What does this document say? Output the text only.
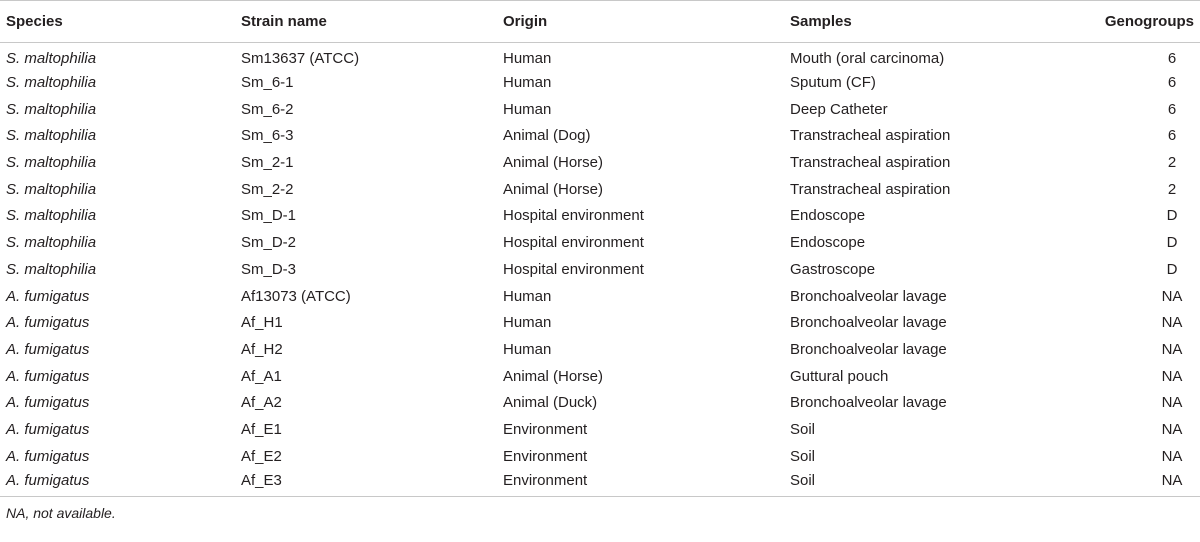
Species	Strain name	Origin	Samples	Genogroups
S. maltophilia	Sm13637 (ATCC)	Human	Mouth (oral carcinoma)	6
S. maltophilia	Sm_6-1	Human	Sputum (CF)	6
S. maltophilia	Sm_6-2	Human	Deep Catheter	6
S. maltophilia	Sm_6-3	Animal (Dog)	Transtracheal aspiration	6
S. maltophilia	Sm_2-1	Animal (Horse)	Transtracheal aspiration	2
S. maltophilia	Sm_2-2	Animal (Horse)	Transtracheal aspiration	2
S. maltophilia	Sm_D-1	Hospital environment	Endoscope	D
S. maltophilia	Sm_D-2	Hospital environment	Endoscope	D
S. maltophilia	Sm_D-3	Hospital environment	Gastroscope	D
A. fumigatus	Af13073 (ATCC)	Human	Bronchoalveolar lavage	NA
A. fumigatus	Af_H1	Human	Bronchoalveolar lavage	NA
A. fumigatus	Af_H2	Human	Bronchoalveolar lavage	NA
A. fumigatus	Af_A1	Animal (Horse)	Guttural pouch	NA
A. fumigatus	Af_A2	Animal (Duck)	Bronchoalveolar lavage	NA
A. fumigatus	Af_E1	Environment	Soil	NA
A. fumigatus	Af_E2	Environment	Soil	NA
A. fumigatus	Af_E3	Environment	Soil	NA
NA, not available.
